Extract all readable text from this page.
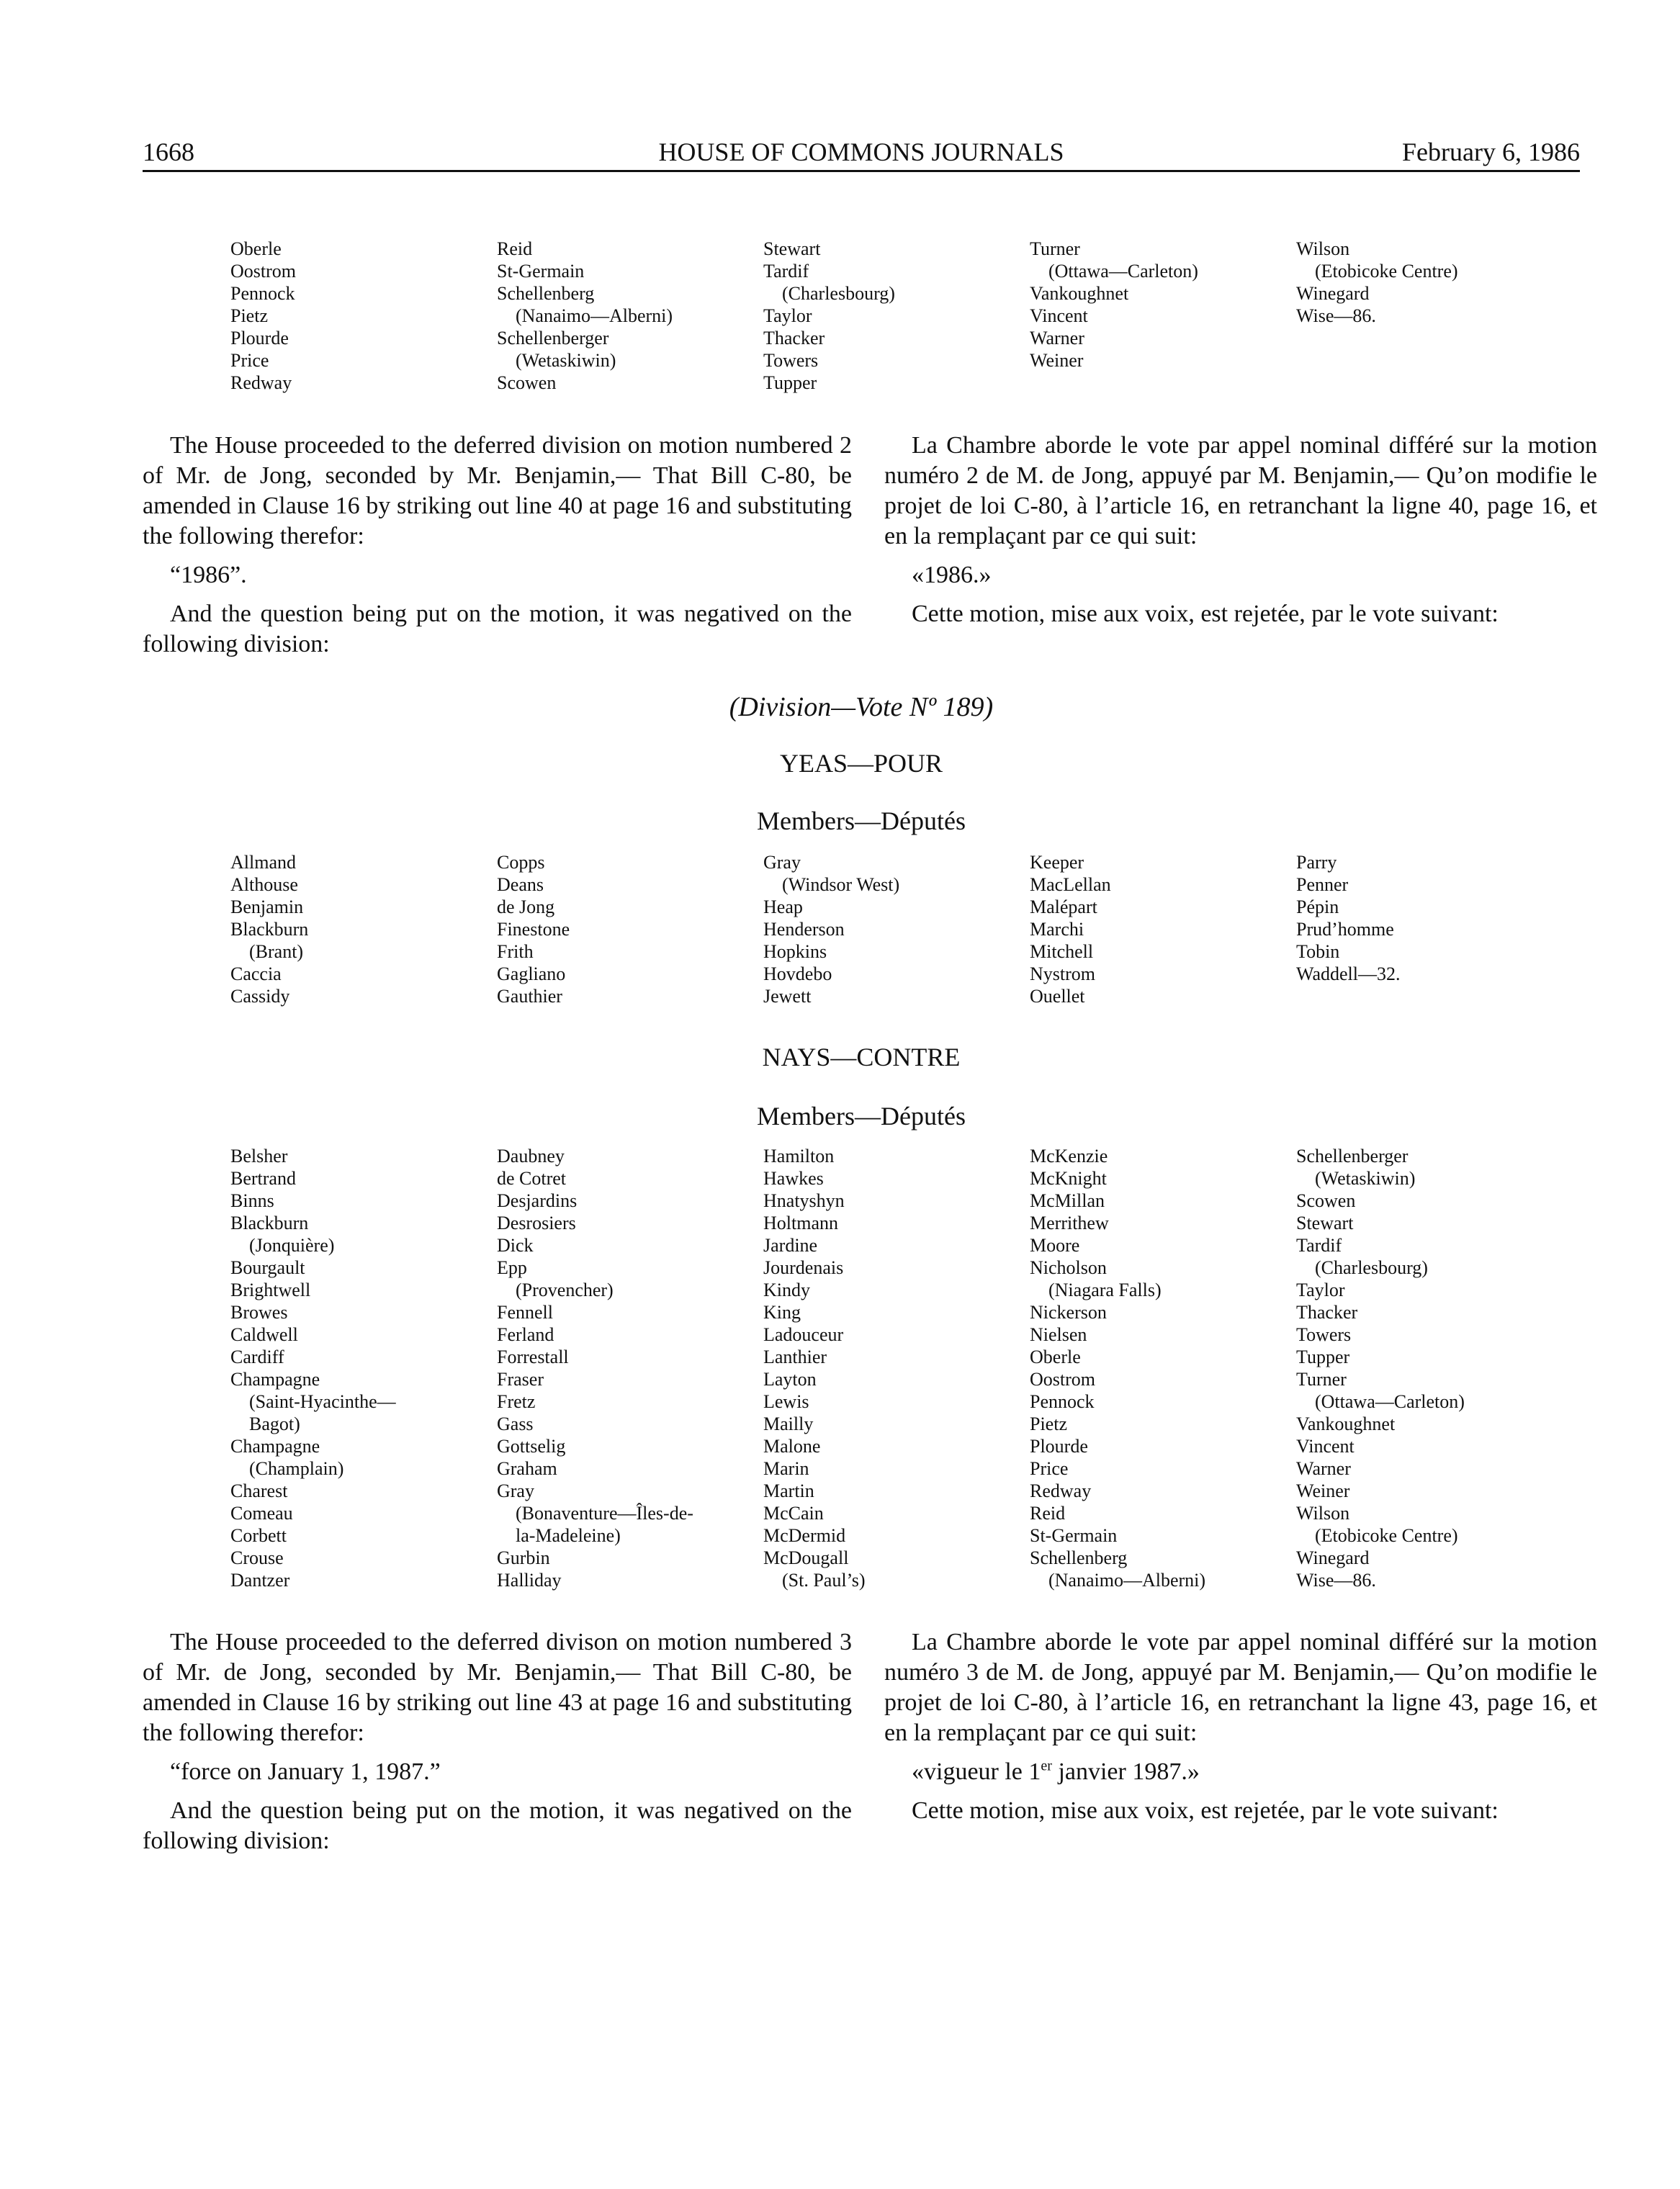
1668	HOUSE OF COMMONS JOURNALS	February 6, 1986
Oberle
Oostrom
Pennock
Pietz
Plourde
Price
Redway
Reid
St-Germain
Schellenberg
(Nanaimo—Alberni)
Schellenberger
(Wetaskiwin)
Scowen
Stewart
Tardif
(Charlesbourg)
Taylor
Thacker
Towers
Tupper
Turner
(Ottawa—Carleton)
Vankoughnet
Vincent
Warner
Weiner
Wilson
(Etobicoke Centre)
Winegard
Wise—86.

The House proceeded to the deferred division on motion numbered 2 of Mr. de Jong, seconded by Mr. Benjamin,— That Bill C-80, be amended in Clause 16 by striking out line 40 at page 16 and substituting the following therefor:

“1986”.

And the question being put on the motion, it was negatived on the following division:

La Chambre aborde le vote par appel nominal différé sur la motion numéro 2 de M. de Jong, appuyé par M. Benjamin,— Qu’on modifie le projet de loi C-80, à l’article 16, en retranchant la ligne 40, page 16, et en la remplaçant par ce qui suit:

«1986.»

Cette motion, mise aux voix, est rejetée, par le vote suivant:

(Division—Vote Nº 189)
YEAS—POUR
Members—Députés
Allmand
Althouse
Benjamin
Blackburn
(Brant)
Caccia
Cassidy
Copps
Deans
de Jong
Finestone
Frith
Gagliano
Gauthier
Gray
(Windsor West)
Heap
Henderson
Hopkins
Hovdebo
Jewett
Keeper
MacLellan
Malépart
Marchi
Mitchell
Nystrom
Ouellet
Parry
Penner
Pépin
Prud’homme
Tobin
Waddell—32.
NAYS—CONTRE
Members—Députés
Belsher
Bertrand
Binns
Blackburn
(Jonquière)
Bourgault
Brightwell
Browes
Caldwell
Cardiff
Champagne
(Saint-Hyacinthe—
Bagot)
Champagne
(Champlain)
Charest
Comeau
Corbett
Crouse
Dantzer
Daubney
de Cotret
Desjardins
Desrosiers
Dick
Epp
(Provencher)
Fennell
Ferland
Forrestall
Fraser
Fretz
Gass
Gottselig
Graham
Gray
(Bonaventure—Îles-de-
la-Madeleine)
Gurbin
Halliday
Hamilton
Hawkes
Hnatyshyn
Holtmann
Jardine
Jourdenais
Kindy
King
Ladouceur
Lanthier
Layton
Lewis
Mailly
Malone
Marin
Martin
McCain
McDermid
McDougall
(St. Paul’s)
McKenzie
McKnight
McMillan
Merrithew
Moore
Nicholson
(Niagara Falls)
Nickerson
Nielsen
Oberle
Oostrom
Pennock
Pietz
Plourde
Price
Redway
Reid
St-Germain
Schellenberg
(Nanaimo—Alberni)
Schellenberger
(Wetaskiwin)
Scowen
Stewart
Tardif
(Charlesbourg)
Taylor
Thacker
Towers
Tupper
Turner
(Ottawa—Carleton)
Vankoughnet
Vincent
Warner
Weiner
Wilson
(Etobicoke Centre)
Winegard
Wise—86.

The House proceeded to the deferred divison on motion numbered 3 of Mr. de Jong, seconded by Mr. Benjamin,— That Bill C-80, be amended in Clause 16 by striking out line 43 at page 16 and substituting the following therefor:

“force on January 1, 1987.”

And the question being put on the motion, it was negatived on the following division:

La Chambre aborde le vote par appel nominal différé sur la motion numéro 3 de M. de Jong, appuyé par M. Benjamin,— Qu’on modifie le projet de loi C-80, à l’article 16, en retranchant la ligne 43, page 16, et en la remplaçant par ce qui suit:

«vigueur le 1er janvier 1987.»

Cette motion, mise aux voix, est rejetée, par le vote suivant:
